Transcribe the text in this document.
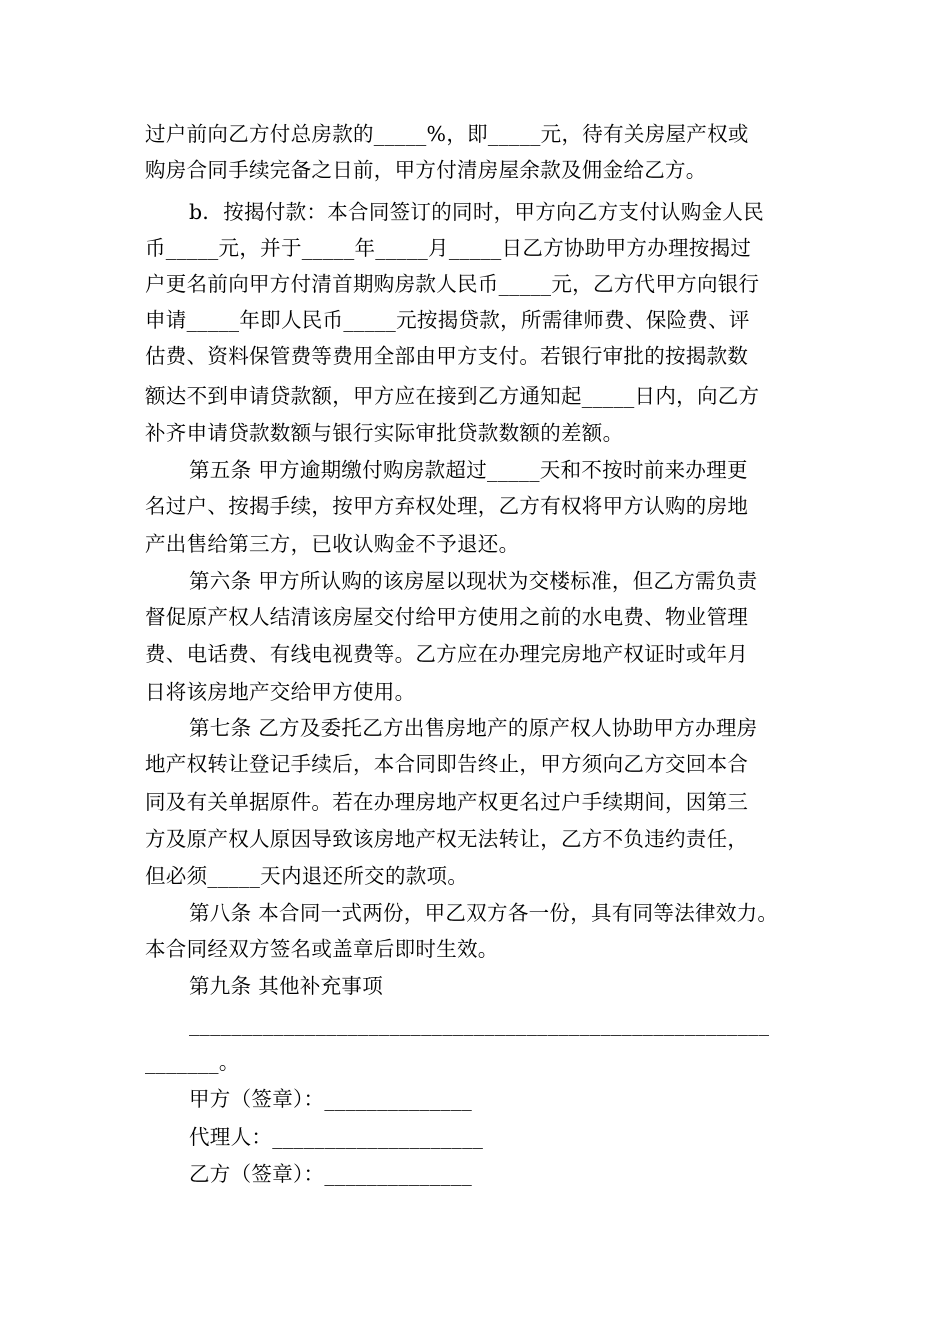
过户前向乙方付总房款的_____%，即_____元，待有关房屋产权或
购房合同手续完备之日前，甲方付清房屋余款及佣金给乙方。
b．按揭付款：本合同签订的同时，甲方向乙方支付认购金人民
币_____元，并于_____年_____月_____日乙方协助甲方办理按揭过
户更名前向甲方付清首期购房款人民币_____元，乙方代甲方向银行
申请_____年即人民币_____元按揭贷款，所需律师费、保险费、评
估费、资料保管费等费用全部由甲方支付。若银行审批的按揭款数
额达不到申请贷款额，甲方应在接到乙方通知起_____日内，向乙方
补齐申请贷款数额与银行实际审批贷款数额的差额。
第五条 甲方逾期缴付购房款超过_____天和不按时前来办理更
名过户、按揭手续，按甲方弃权处理，乙方有权将甲方认购的房地
产出售给第三方，已收认购金不予退还。
第六条 甲方所认购的该房屋以现状为交楼标准，但乙方需负责
督促原产权人结清该房屋交付给甲方使用之前的水电费、物业管理
费、电话费、有线电视费等。乙方应在办理完房地产权证时或年月
日将该房地产交给甲方使用。
第七条 乙方及委托乙方出售房地产的原产权人协助甲方办理房
地产权转让登记手续后，本合同即告终止，甲方须向乙方交回本合
同及有关单据原件。若在办理房地产权更名过户手续期间，因第三
方及原产权人原因导致该房地产权无法转让，乙方不负违约责任，
但必须_____天内退还所交的款项。
第八条 本合同一式两份，甲乙双方各一份，具有同等法律效力。
本合同经双方签名或盖章后即时生效。
第九条 其他补充事项
_______________________________________________________
_______。
甲方（签章）：______________
代理人：____________________
乙方（签章）：______________
